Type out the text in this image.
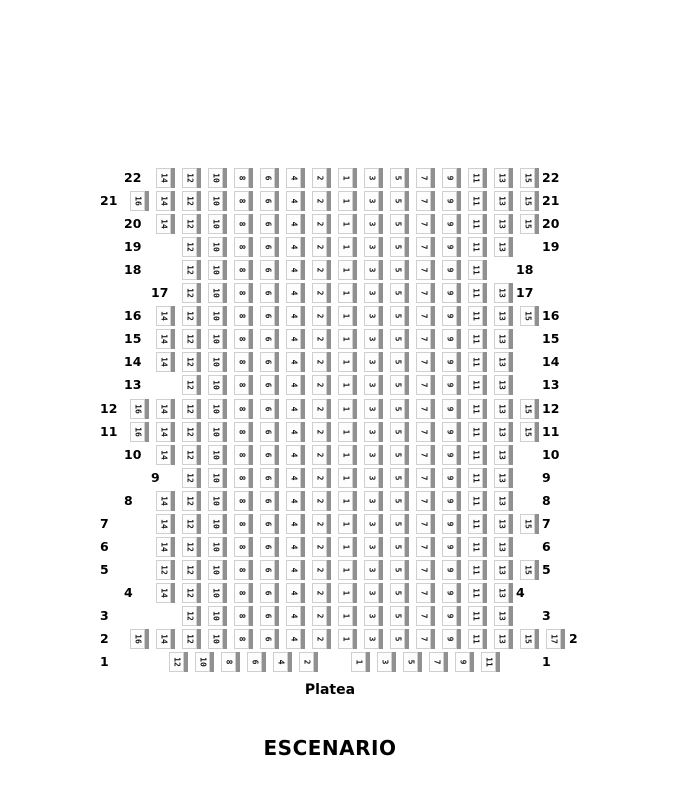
Platea
ESCENARIO
22	22
14 12 10 8 6 4 2 1 3 5 7 9 11 13 15
21	21
16 14 12 10 8 6 4 2 1 3 5 7 9 11 13 15
20	20
14 12 10 8 6 4 2 1 3 5 7 9 11 13 15
19	19
12 10 8 6 4 2 1 3 5 7 9 11 13
18	18
12 10 8 6 4 2 1 3 5 7 9 11
17	17
12 10 8 6 4 2 1 3 5 7 9 11 13
16	16
14 12 10 8 6 4 2 1 3 5 7 9 11 13 15
15	15
14 12 10 8 6 4 2 1 3 5 7 9 11 13
14	14
14 12 10 8 6 4 2 1 3 5 7 9 11 13
13	13
12 10 8 6 4 2 1 3 5 7 9 11 13
12	12
16 14 12 10 8 6 4 2 1 3 5 7 9 11 13 15
11	11
16 14 12 10 8 6 4 2 1 3 5 7 9 11 13 15
10	10
14 12 10 8 6 4 2 1 3 5 7 9 11 13
9	9
12 10 8 6 4 2 1 3 5 7 9 11 13
8	8
14 12 10 8 6 4 2 1 3 5 7 9 11 13
7	7
14 12 10 8 6 4 2 1 3 5 7 9 11 13 15
6	6
14 12 10 8 6 4 2 1 3 5 7 9 11 13
5	5
12 12 10 8 6 4 2 1 3 5 7 9 11 13 15
4	4
14 12 10 8 6 4 2 1 3 5 7 9 11 13
3	3
12 10 8 6 4 2 1 3 5 7 9 11 13
2	2
16 14 12 10 8 6 4 2 1 3 5 7 9 11 13 15 17
1	1
12 10 8 6 4 2	1 3 5 7 9 11
